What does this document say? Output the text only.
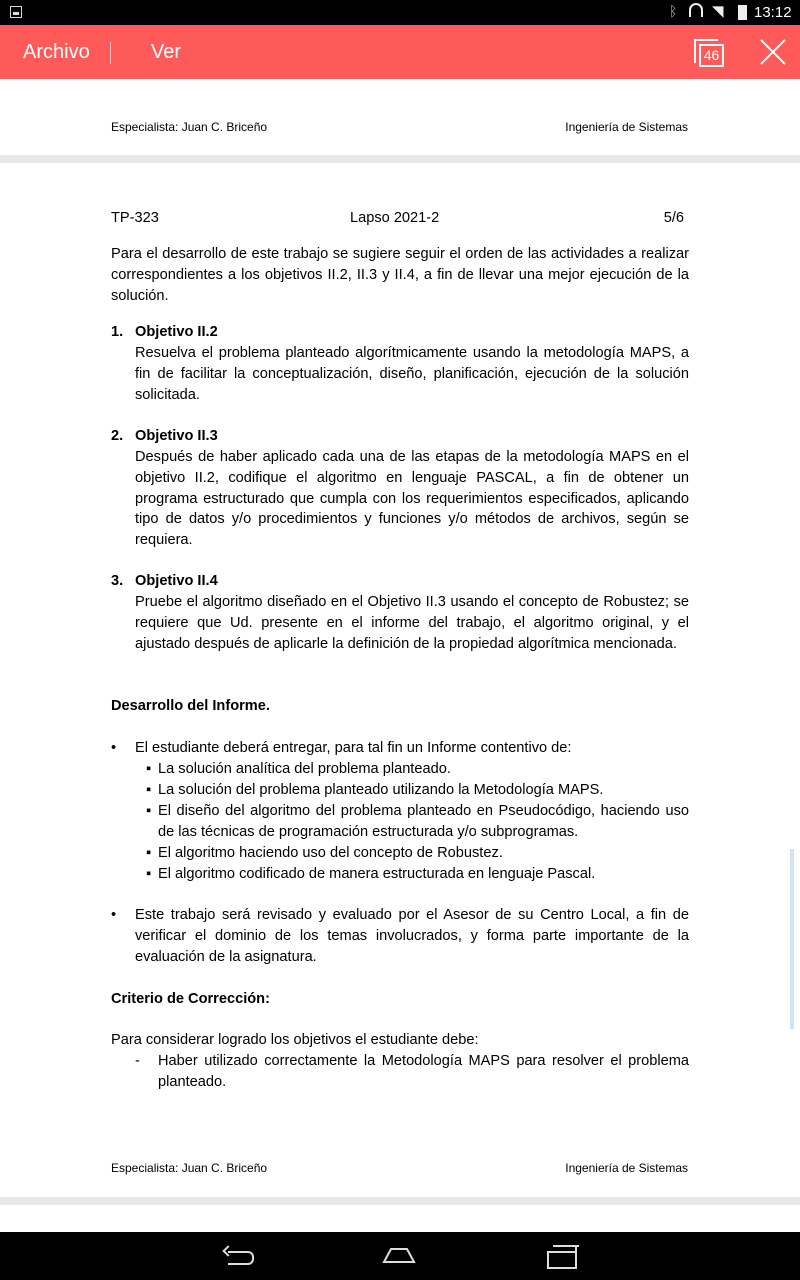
ᛒ ◥ 13:12
Archivo	Ver	46
Especialista: Juan C. Briceño	Ingeniería de Sistemas
TP-323	Lapso 2021-2	5/6
Para el desarrollo de este trabajo se sugiere seguir el orden de las actividades a realizar correspondientes a los objetivos II.2, II.3 y II.4, a fin de llevar una mejor ejecución de la solución.
1. Objetivo II.2
Resuelva el problema planteado algorítmicamente usando la metodología MAPS, a fin de facilitar la conceptualización, diseño, planificación, ejecución de la solución solicitada.
2. Objetivo II.3
Después de haber aplicado cada una de las etapas de la metodología MAPS en el objetivo II.2, codifique el algoritmo en lenguaje PASCAL, a fin de obtener un programa estructurado que cumpla con los requerimientos especificados, aplicando tipo de datos y/o procedimientos y funciones y/o métodos de archivos, según se requiera.
3. Objetivo II.4
Pruebe el algoritmo diseñado en el Objetivo II.3 usando el concepto de Robustez; se requiere que Ud. presente en el informe del trabajo, el algoritmo original, y el ajustado después de aplicarle la definición de la propiedad algorítmica mencionada.
Desarrollo del Informe.
• El estudiante deberá entregar, para tal fin un Informe contentivo de:
▪ La solución analítica del problema planteado.
▪ La solución del problema planteado utilizando la Metodología MAPS.
▪ El diseño del algoritmo del problema planteado en Pseudocódigo, haciendo uso de las técnicas de programación estructurada y/o subprogramas.
▪ El algoritmo haciendo uso del concepto de Robustez.
▪ El algoritmo codificado de manera estructurada en lenguaje Pascal.
• Este trabajo será revisado y evaluado por el Asesor de su Centro Local, a fin de verificar el dominio de los temas involucrados, y forma parte importante de la evaluación de la asignatura.
Criterio de Corrección:
Para considerar logrado los objetivos el estudiante debe:
- Haber utilizado correctamente la Metodología MAPS para resolver el problema planteado.
Especialista: Juan C. Briceño	Ingeniería de Sistemas
